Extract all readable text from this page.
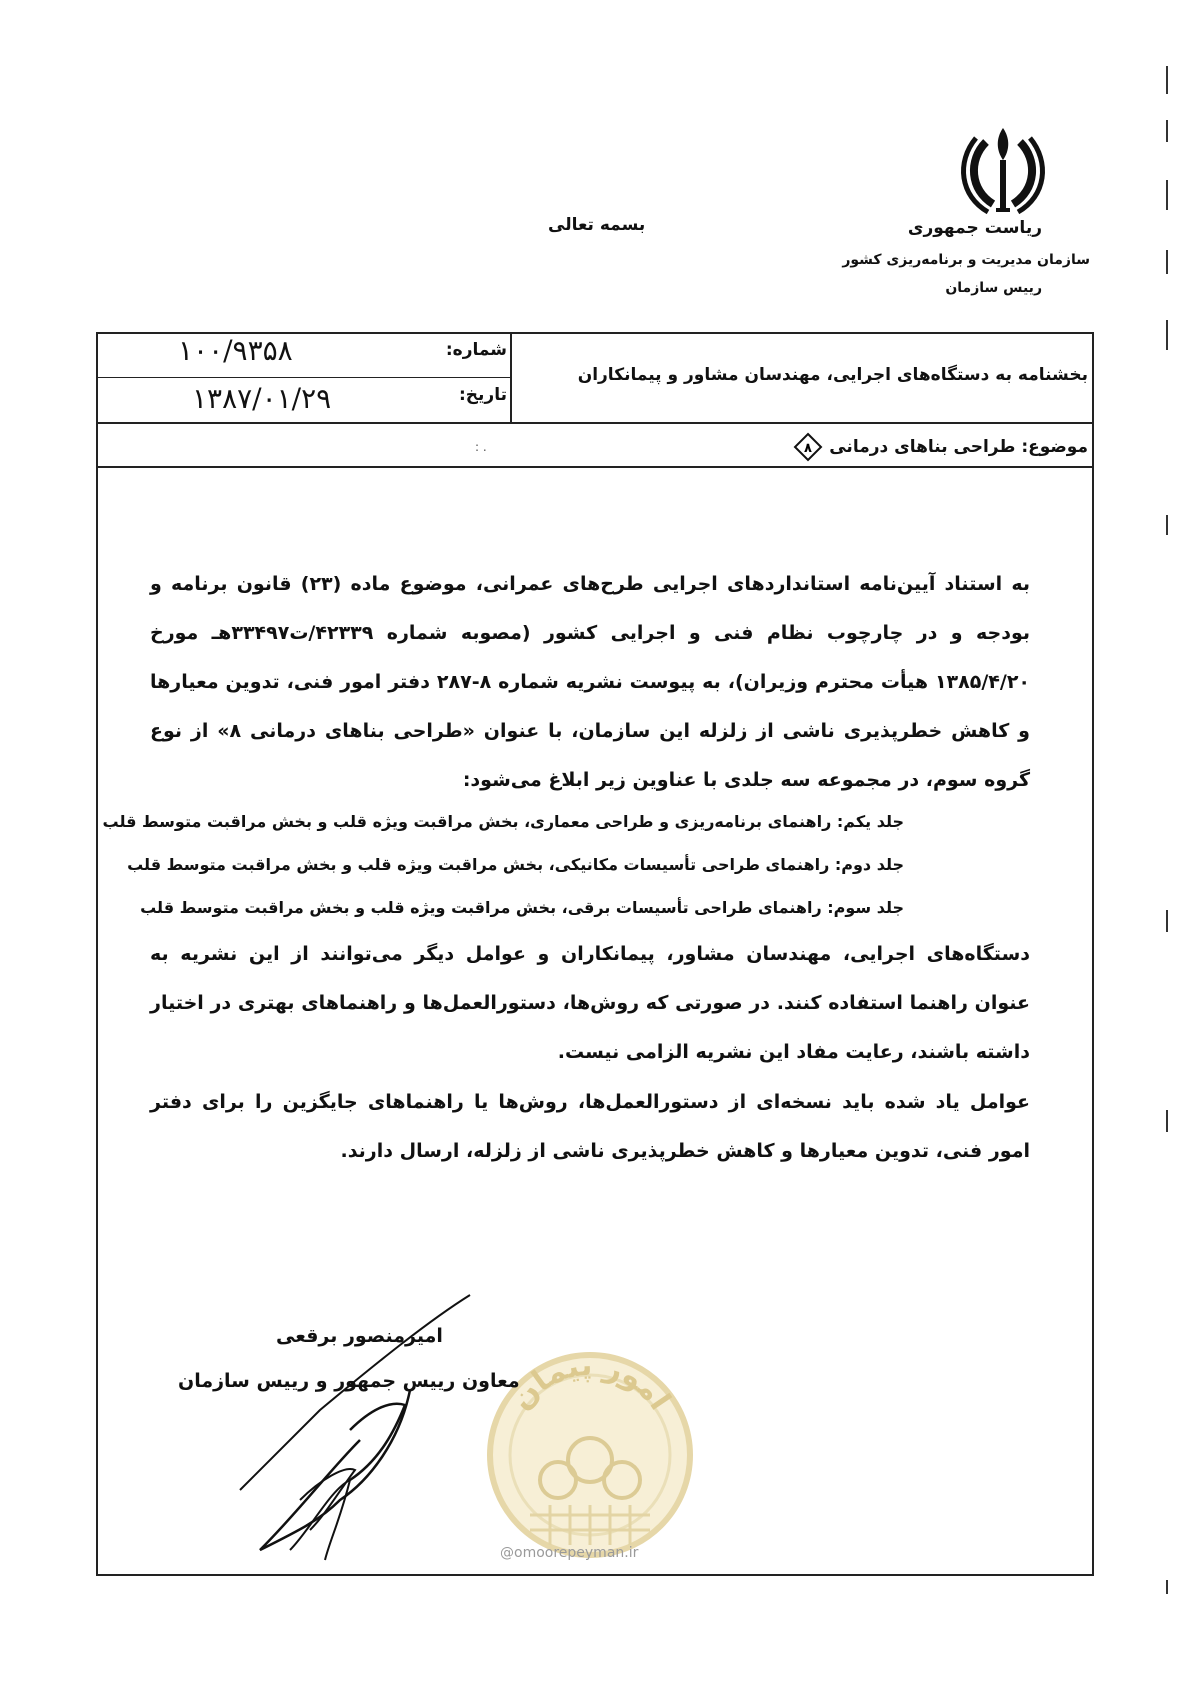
ریاست جمهوری
سازمان مدیریت و برنامه‌ریزی کشور
رییس سازمان
بسمه تعالی
شماره:
۱۰۰/۹۳۵۸
تاریخ:
۱۳۸۷/۰۱/۲۹
بخشنامه به دستگاه‌های اجرایی، مهندسان مشاور و پیمانکاران
موضوع: طراحی بناهای درمانی
۸
: .
به استناد آیین‌نامه استانداردهای اجرایی طرح‌های عمرانی، موضوع ماده (۲۳) قانون برنامه و بودجه و در چارچوب نظام فنی و اجرایی کشور (مصوبه شماره ۴۲۳۳۹/ت۳۳۴۹۷هـ مورخ ۱۳۸۵/۴/۲۰ هیأت محترم وزیران)، به پیوست نشریه شماره ۸-۲۸۷ دفتر امور فنی، تدوین معیارها و کاهش خطرپذیری ناشی از زلزله این سازمان، با عنوان «طراحی بناهای درمانی ۸» از نوع گروه سوم، در مجموعه سه جلدی با عناوین زیر ابلاغ می‌شود:
جلد یکم: راهنمای برنامه‌ریزی و طراحی معماری، بخش مراقبت ویژه قلب و بخش مراقبت متوسط قلب
جلد دوم: راهنمای طراحی تأسیسات مکانیکی، بخش مراقبت ویژه قلب و بخش مراقبت متوسط قلب
جلد سوم: راهنمای طراحی تأسیسات برقی، بخش مراقبت ویژه قلب و بخش مراقبت متوسط قلب
دستگاه‌های اجرایی، مهندسان مشاور، پیمانکاران و عوامل دیگر می‌توانند از این نشریه به عنوان راهنما استفاده کنند. در صورتی که روش‌ها، دستورالعمل‌ها و راهنماهای بهتری در اختیار داشته باشند، رعایت مفاد این نشریه الزامی نیست.
عوامل یاد شده باید نسخه‌ای از دستورالعمل‌ها، روش‌ها یا راهنماهای جایگزین را برای دفتر امور فنی، تدوین معیارها و کاهش خطرپذیری ناشی از زلزله، ارسال دارند.
امور پیمان
@omoorepeyman.ir
امیرمنصور برقعی
معاون رییس جمهور و رییس سازمان
